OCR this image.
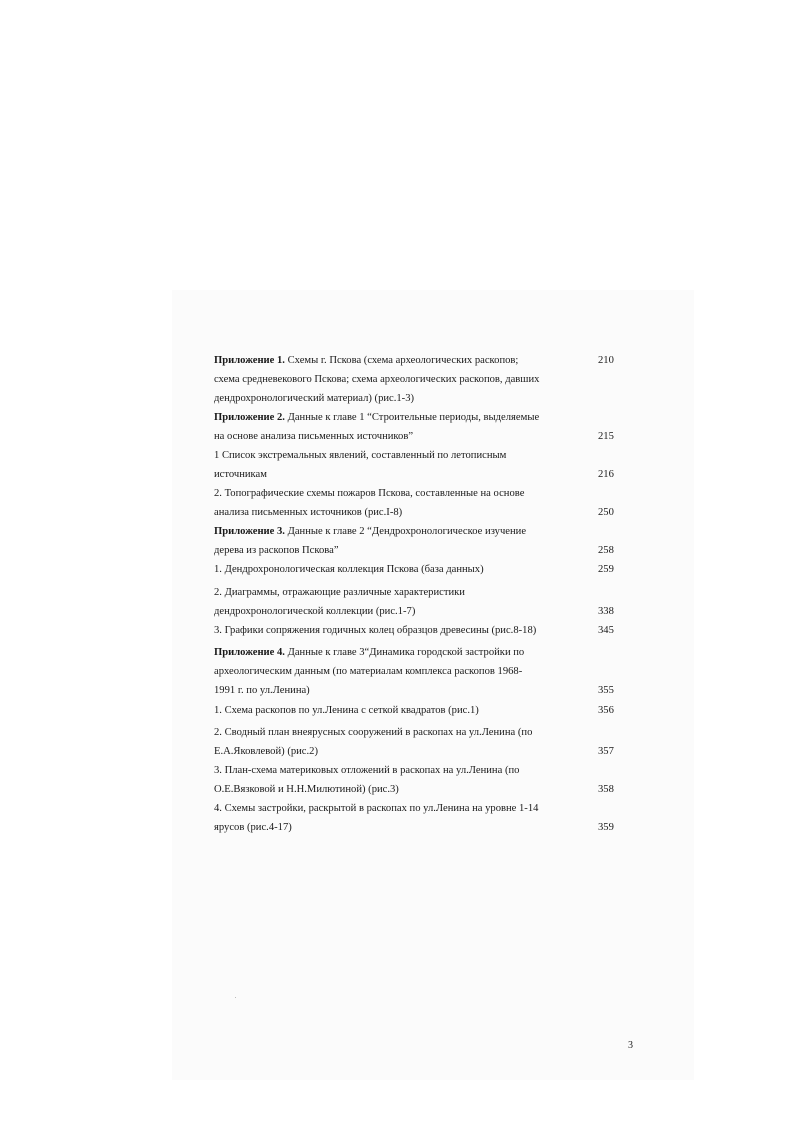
Приложение 1. Схемы г. Пскова (схема археологических раскопов;
схема средневекового Пскова; схема археологических раскопов, давших
дендрохронологический материал) (рис.1-3)
Приложение 2. Данные к главе 1 “Строительные периоды, выделяемые
на основе анализа письменных источников”
1 Список экстремальных явлений, составленный по летописным
источникам
2. Топографические схемы пожаров Пскова, составленные на основе
анализа письменных источников (рис.I-8)
Приложение 3. Данные к главе 2 “Дендрохронологическое изучение
дерева из раскопов Пскова”
1. Дендрохронологическая коллекция Пскова (база данных)
2. Диаграммы, отражающие различные характеристики
дендрохронологической коллекции (рис.1-7)
3. Графики сопряжения годичных колец образцов древесины (рис.8-18)
Приложение 4. Данные к главе 3“Динамика городской застройки по
археологическим данным (по материалам комплекса раскопов 1968-
1991 г. по ул.Ленина)
1. Схема раскопов по ул.Ленина с сеткой квадратов (рис.1)
2. Сводный план внеярусных сооружений в раскопах на ул.Ленина (по
Е.А.Яковлевой) (рис.2)
3. План-схема материковых отложений в раскопах на ул.Ленина (по
О.Е.Вязковой и Н.Н.Милютиной) (рис.3)
4. Схемы застройки, раскрытой в раскопах по ул.Ленина на уровне 1-14
ярусов (рис.4-17)
210
215
216
250
258
259
338
345
355
356
357
358
359
3
